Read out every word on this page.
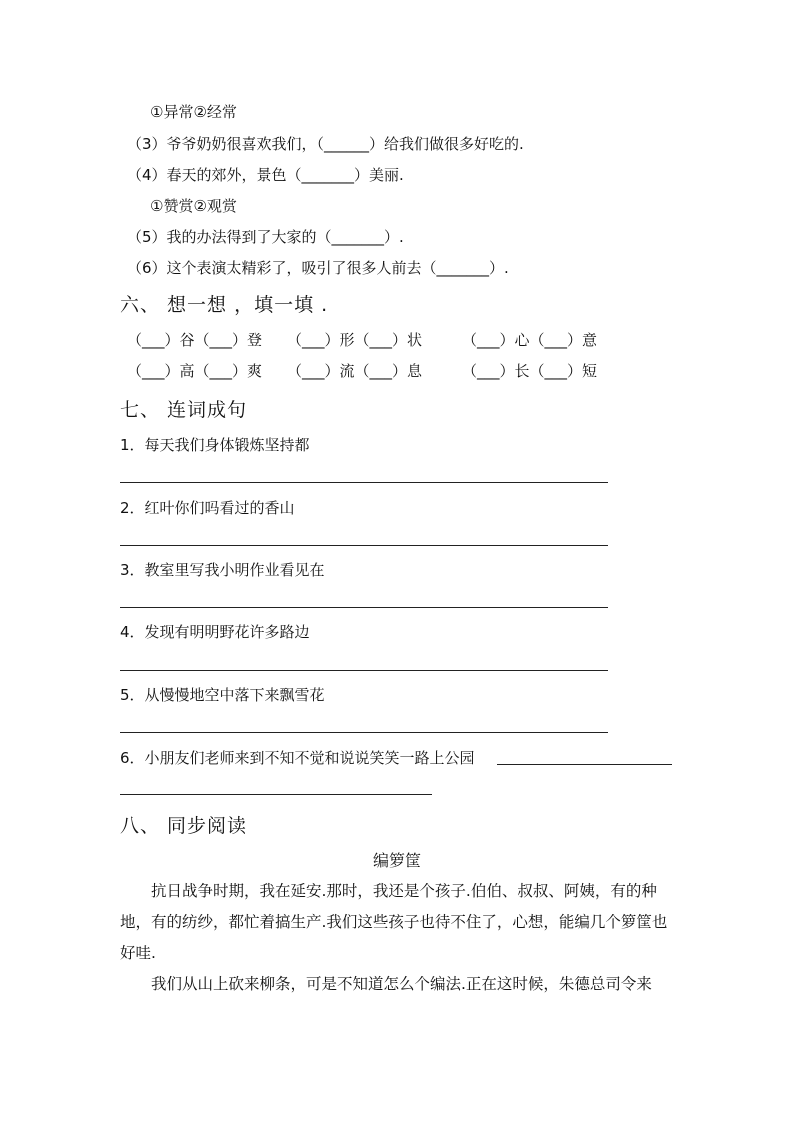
①异常②经常
（3）爷爷奶奶很喜欢我们，（______）给我们做很多好吃的.
（4）春天的郊外，景色（_______）美丽.
①赞赏②观赏
（5）我的办法得到了大家的（_______）.
（6）这个表演太精彩了，吸引了很多人前去（_______）.
六、 想一想 ，填一填 .
（___）谷（___）登 （___）形（___）状	（___）心（___）意
（___）高（___）爽 （___）流（___）息	（___）长（___）短
七、 连词成句
1．每天我们身体锻炼坚持都
2．红叶你们吗看过的香山
3．教室里写我小明作业看见在
4．发现有明明野花许多路边
5．从慢慢地空中落下来飘雪花
6．小朋友们老师来到不知不觉和说说笑笑一路上公园
八、 同步阅读
编箩筐

抗日战争时期，我在延安.那时，我还是个孩子.伯伯、叔叔、阿姨，有的种地，有的纺纱，都忙着搞生产.我们这些孩子也待不住了，心想，能编几个箩筐也好哇.

我们从山上砍来柳条，可是不知道怎么个编法.正在这时候，朱德总司令来
